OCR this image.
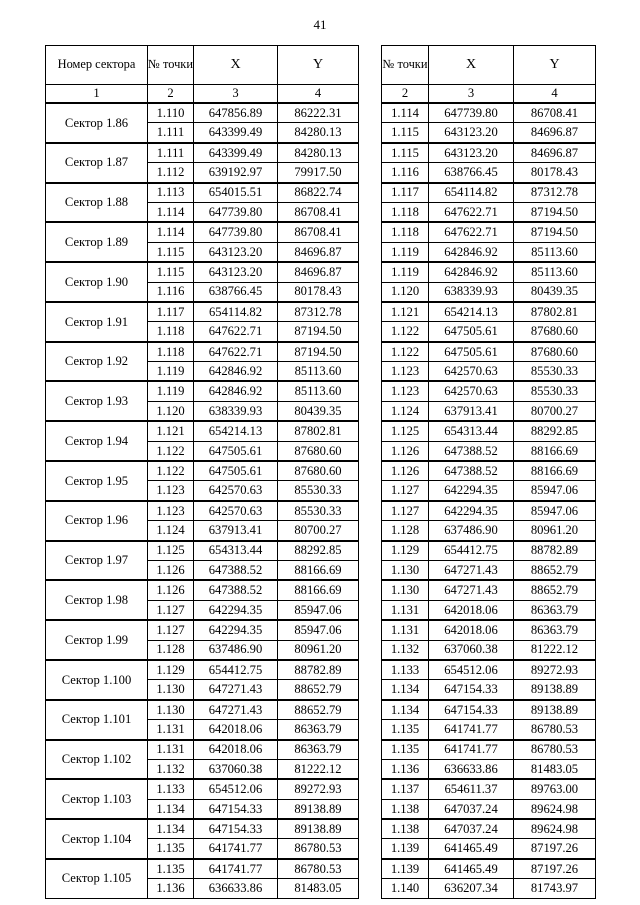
41
Номер сектора	№ точки	X	Y
1	2	3	4
Сектор 1.86	1.110	647856.89	86222.31
	1.111	643399.49	84280.13
Сектор 1.87	1.111	643399.49	84280.13
	1.112	639192.97	79917.50
Сектор 1.88	1.113	654015.51	86822.74
	1.114	647739.80	86708.41
Сектор 1.89	1.114	647739.80	86708.41
	1.115	643123.20	84696.87
Сектор 1.90	1.115	643123.20	84696.87
	1.116	638766.45	80178.43
Сектор 1.91	1.117	654114.82	87312.78
	1.118	647622.71	87194.50
Сектор 1.92	1.118	647622.71	87194.50
	1.119	642846.92	85113.60
Сектор 1.93	1.119	642846.92	85113.60
	1.120	638339.93	80439.35
Сектор 1.94	1.121	654214.13	87802.81
	1.122	647505.61	87680.60
Сектор 1.95	1.122	647505.61	87680.60
	1.123	642570.63	85530.33
Сектор 1.96	1.123	642570.63	85530.33
	1.124	637913.41	80700.27
Сектор 1.97	1.125	654313.44	88292.85
	1.126	647388.52	88166.69
Сектор 1.98	1.126	647388.52	88166.69
	1.127	642294.35	85947.06
Сектор 1.99	1.127	642294.35	85947.06
	1.128	637486.90	80961.20
Сектор 1.100	1.129	654412.75	88782.89
	1.130	647271.43	88652.79
Сектор 1.101	1.130	647271.43	88652.79
	1.131	642018.06	86363.79
Сектор 1.102	1.131	642018.06	86363.79
	1.132	637060.38	81222.12
Сектор 1.103	1.133	654512.06	89272.93
	1.134	647154.33	89138.89
Сектор 1.104	1.134	647154.33	89138.89
	1.135	641741.77	86780.53
Сектор 1.105	1.135	641741.77	86780.53
	1.136	636633.86	81483.05
№ точки	X	Y
2	3	4
1.114	647739.80	86708.41
1.115	643123.20	84696.87
1.115	643123.20	84696.87
1.116	638766.45	80178.43
1.117	654114.82	87312.78
1.118	647622.71	87194.50
1.118	647622.71	87194.50
1.119	642846.92	85113.60
1.119	642846.92	85113.60
1.120	638339.93	80439.35
1.121	654214.13	87802.81
1.122	647505.61	87680.60
1.122	647505.61	87680.60
1.123	642570.63	85530.33
1.123	642570.63	85530.33
1.124	637913.41	80700.27
1.125	654313.44	88292.85
1.126	647388.52	88166.69
1.126	647388.52	88166.69
1.127	642294.35	85947.06
1.127	642294.35	85947.06
1.128	637486.90	80961.20
1.129	654412.75	88782.89
1.130	647271.43	88652.79
1.130	647271.43	88652.79
1.131	642018.06	86363.79
1.131	642018.06	86363.79
1.132	637060.38	81222.12
1.133	654512.06	89272.93
1.134	647154.33	89138.89
1.134	647154.33	89138.89
1.135	641741.77	86780.53
1.135	641741.77	86780.53
1.136	636633.86	81483.05
1.137	654611.37	89763.00
1.138	647037.24	89624.98
1.138	647037.24	89624.98
1.139	641465.49	87197.26
1.139	641465.49	87197.26
1.140	636207.34	81743.97
